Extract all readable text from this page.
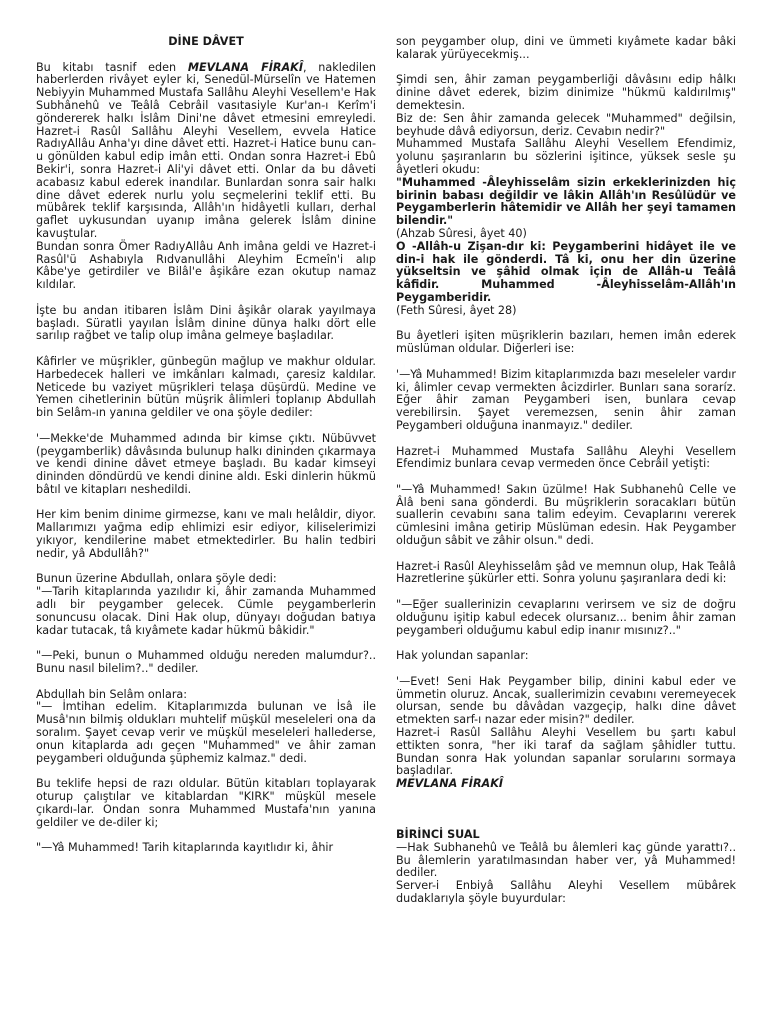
DİNE DÂVET

Bu kitabı tasnif eden MEVLANA FİRAKÎ, nakledilen haberlerden rivâyet eyler ki, Senedül-Mürselîn ve Hatemen Nebiyyin Muhammed Mustafa Sallâhu Aleyhi Vesellem'e Hak Subhânehû ve Teâlâ Cebrâil vasıtasiyle Kur'an-ı Kerîm'i göndererek halkı İslâm Dini'ne dâvet etmesini emreyledi. Hazret-i Rasûl Sallâhu Aleyhi Vesellem, evvela Hatice RadıyAllâu Anha'yı dine dâvet etti. Hazret-i Hatice bunu can-u gönülden kabul edip imân etti. Ondan sonra Hazret-i Ebû Bekir'i, sonra Hazret-i Ali'yi dâvet etti. Onlar da bu dâveti acabasız kabul ederek inandılar. Bunlardan sonra sair halkı dine dâvet ederek nurlu yolu seçmelerini teklif etti. Bu mübârek teklif karşısında, Allâh'ın hidâyetli kulları, derhal gaflet uykusundan uyanıp imâna gelerek İslâm dinine kavuştular.

Bundan sonra Ömer RadıyAllâu Anh imâna geldi ve Hazret-i Rasûl'ü Ashabıyla Rıdvanullâhi Aleyhim Ecmeîn'i alıp Kâbe'ye getirdiler ve Bilâl'e âşikâre ezan okutup namaz kıldılar.

İşte bu andan itibaren İslâm Dini âşikâr olarak yayılmaya başladı. Süratli yayılan İslâm dinine dünya halkı dört elle sarılıp rağbet ve talip olup imâna gelmeye başladılar.

Kâfirler ve müşrikler, günbegün mağlup ve makhur oldular. Harbedecek halleri ve imkânları kalmadı, çaresiz kaldılar. Neticede bu vaziyet müşrikleri telaşa düşürdü. Medine ve Yemen cihetlerinin bütün müşrik âlimleri toplanıp Abdullah bin Selâm-ın yanına geldiler ve ona şöyle dediler:

'—Mekke'de Muhammed adında bir kimse çıktı. Nübüvvet (peygamberlik) dâvâsında bulunup halkı dininden çıkarmaya ve kendi dinine dâvet etmeye başladı. Bu kadar kimseyi dininden döndürdü ve kendi dinine aldı. Eski dinlerin hükmü bâtıl ve kitapları neshedildi.

Her kim benim dinime girmezse, kanı ve malı helâldir, diyor. Mallarımızı yağma edip ehlimizi esir ediyor, kiliselerimizi yıkıyor, kendilerine mabet etmektedirler. Bu halin tedbiri nedir, yâ Abdullâh?"

Bunun üzerine Abdullah, onlara şöyle dedi:

"—Tarih kitaplarında yazılıdır ki, âhir zamanda Muhammed adlı bir peygamber gelecek. Cümle peygamberlerin sonuncusu olacak. Dini Hak olup, dünyayı doğudan batıya kadar tutacak, tâ kıyâmete kadar hükmü bâkidir."

"—Peki, bunun o Muhammed olduğu nereden malumdur?.. Bunu nasıl bilelim?.." dediler.

Abdullah bin Selâm onlara:

"— İmtihan edelim. Kitaplarımızda bulunan ve İsâ ile Musâ'nın bilmiş oldukları muhtelif müşkül meseleleri ona da soralım. Şayet cevap verir ve müşkül meseleleri hallederse, onun kitaplarda adı geçen "Muhammed" ve âhir zaman peygamberi olduğunda şüphemiz kalmaz." dedi.

Bu teklife hepsi de razı oldular. Bütün kitabları toplayarak oturup çalıştılar ve kitablardan "KIRK" müşkül mesele çıkardı-lar. Ondan sonra Muhammed Mustafa'nın yanına geldiler ve de-diler ki;

"—Yâ Muhammed! Tarih kitaplarında kayıtlıdır ki, âhir

son peygamber olup, dini ve ümmeti kıyâmete kadar bâki kalarak yürüyecekmiş...

Şimdi sen, âhir zaman peygamberliği dâvâsını edip hâlkı dinine dâvet ederek, bizim dinimize "hükmü kaldırılmış" demektesin.

Biz de: Sen âhir zamanda gelecek "Muhammed" değilsin, beyhude dâvâ ediyorsun, deriz. Cevabın nedir?"

Muhammed Mustafa Sallâhu Aleyhi Vesellem Efendimiz, yolunu şaşıranların bu sözlerini işitince, yüksek sesle şu âyetleri okudu:

"Muhammed -Âleyhisselâm sizin erkeklerinizden hiç birinin babası değildir ve lâkin Allâh'ın Resûlüdür ve Peygamberlerin hâtemidir ve Allâh her şeyi tamamen bilendir."

(Ahzab Sûresi, âyet 40)

O -Allâh-u Zişan-dır ki: Peygamberini hidâyet ile ve din-i hak ile gönderdi. Tâ ki, onu her din üzerine yükseltsin ve şâhid olmak için de Allâh-u Teâlâ kâfidir. Muhammed -Âleyhisselâm-Allâh'ın Peygamberidir.

(Feth Sûresi, âyet 28)

Bu âyetleri işiten müşriklerin bazıları, hemen imân ederek müslüman oldular. Diğerleri ise:

'—Yâ Muhammed! Bizim kitaplarımızda bazı meseleler vardır ki, âlimler cevap vermekten âcizdirler. Bunları sana soraríz. Eğer âhir zaman Peygamberi isen, bunlara cevap verebilirsin. Şayet veremezsen, senin âhir zaman Peygamberi olduğuna inanmayız." dediler.

Hazret-i Muhammed Mustafa Sallâhu Aleyhi Vesellem Efendimiz bunlara cevap vermeden önce Cebrâil yetişti:

"—Yâ Muhammed! Sakın üzülme! Hak Subhanehû Celle ve Âlâ beni sana gönderdi. Bu müşriklerin soracakları bütün suallerin cevabını sana talim edeyim. Cevaplarını vererek cümlesini imâna getirip Müslüman edesin. Hak Peygamber olduğun sâbit ve zâhir olsun." dedi.

Hazret-i Rasûl Aleyhisselâm şâd ve memnun olup, Hak Teâlâ Hazretlerine şükürler etti. Sonra yolunu şaşıranlara dedi ki:

"—Eğer suallerinizin cevaplarını verirsem ve siz de doğru olduğunu işitip kabul edecek olursanız... benim âhir zaman peygamberi olduğumu kabul edip inanır mısınız?.."

Hak yolundan sapanlar:

'—Evet! Seni Hak Peygamber bilip, dinini kabul eder ve ümmetin oluruz. Ancak, suallerimizin cevabını veremeyecek olursan, sende bu dâvâdan vazgeçip, halkı dine dâvet etmekten sarf-ı nazar eder misin?" dediler.

Hazret-i Rasûl Sallâhu Aleyhi Vesellem bu şartı kabul ettikten sonra, "her iki taraf da sağlam şâhidler tuttu. Bundan sonra Hak yolundan sapanlar sorularını sormaya başladılar.

MEVLANA FİRAKÎ

BİRİNCİ SUAL

—Hak Subhanehû ve Teâlâ bu âlemleri kaç günde yarattı?.. Bu âlemlerin yaratılmasından haber ver, yâ Muhammed! dediler.

Server-i Enbiyâ Sallâhu Aleyhi Vesellem mübârek dudaklarıyla şöyle buyurdular:
